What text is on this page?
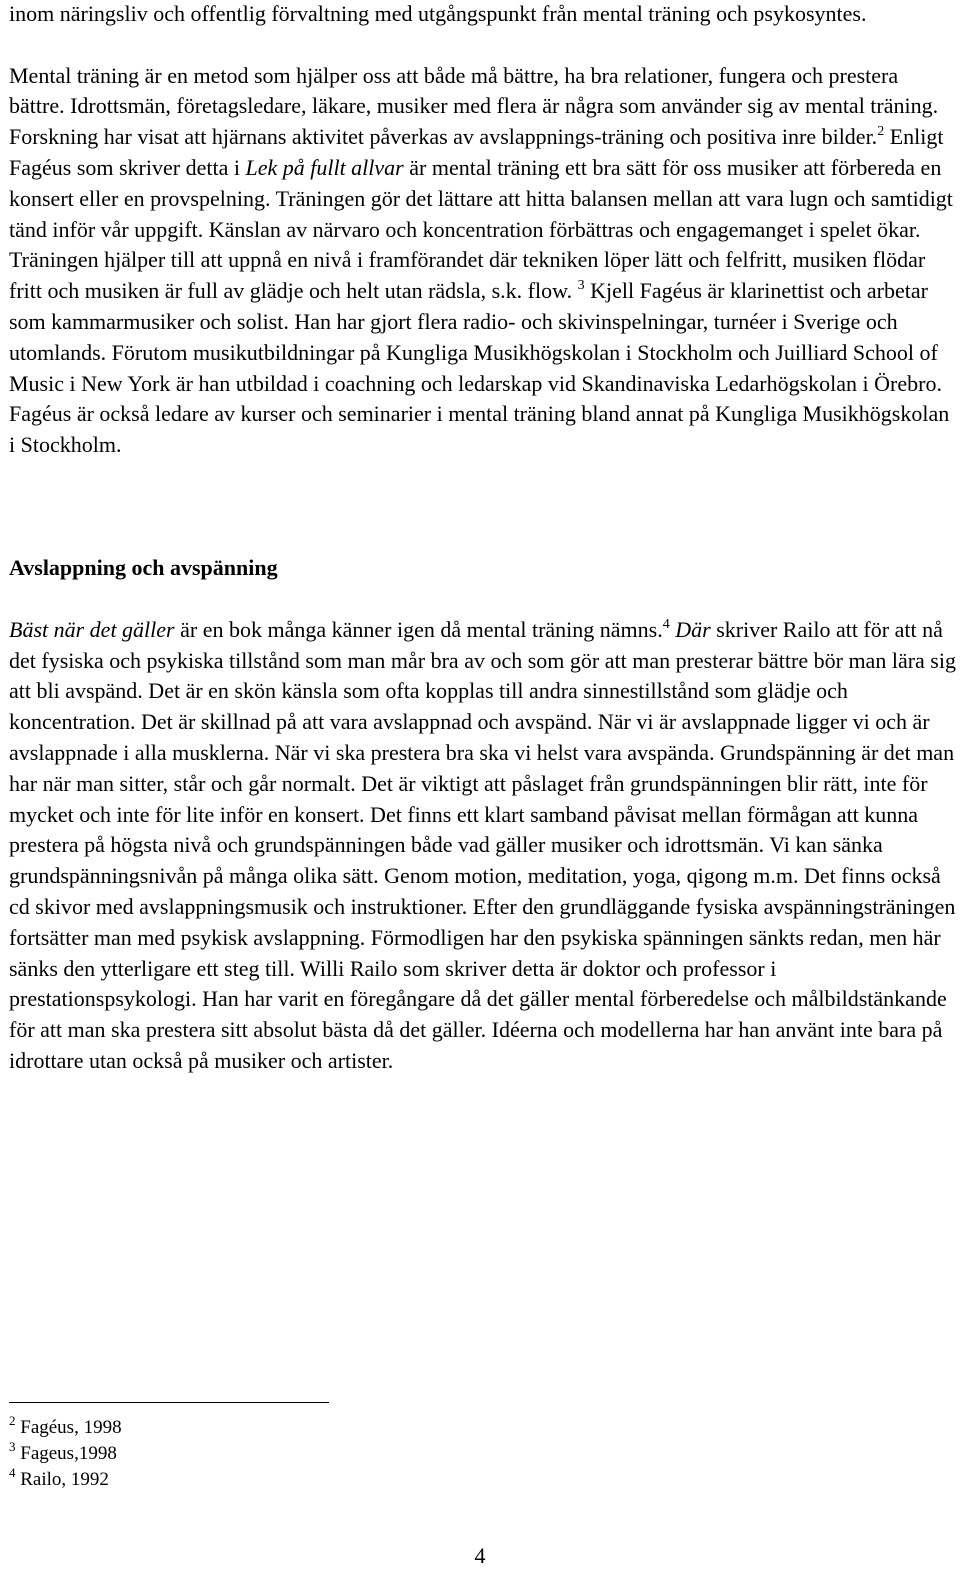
inom näringsliv och offentlig förvaltning med utgångspunkt från mental träning och psykosyntes.

Mental träning är en metod som hjälper oss att både må bättre, ha bra relationer, fungera och prestera bättre. Idrottsmän, företagsledare, läkare, musiker med flera är några som använder sig av mental träning. Forskning har visat att hjärnans aktivitet påverkas av avslappnings-träning och positiva inre bilder.$^2$ Enligt Fagéus som skriver detta i Lek på fullt allvar är mental träning ett bra sätt för oss musiker att förbereda en konsert eller en provspelning. Träningen gör det lättare att hitta balansen mellan att vara lugn och samtidigt tänd inför vår uppgift. Känslan av närvaro och koncentration förbättras och engagemanget i spelet ökar. Träningen hjälper till att uppnå en nivå i framförandet där tekniken löper lätt och felfritt, musiken flödar fritt och musiken är full av glädje och helt utan rädsla, s.k. flow. $^3$ Kjell Fagéus är klarinettist och arbetar som kammarmusiker och solist. Han har gjort flera radio- och skivinspelningar, turnéer i Sverige och utomlands. Förutom musikutbildningar på Kungliga Musikhögskolan i Stockholm och Juilliard School of Music i New York är han utbildad i coachning och ledarskap vid Skandinaviska Ledarhögskolan i Örebro. Fagéus är också ledare av kurser och seminarier i mental träning bland annat på Kungliga Musikhögskolan i Stockholm.

Avslappning och avspänning

Bäst när det gäller är en bok många känner igen då mental träning nämns.$^4$ Där skriver Railo att för att nå det fysiska och psykiska tillstånd som man mår bra av och som gör att man presterar bättre bör man lära sig att bli avspänd. Det är en skön känsla som ofta kopplas till andra sinnestillstånd som glädje och koncentration. Det är skillnad på att vara avslappnad och avspänd. När vi är avslappnade ligger vi och är avslappnade i alla musklerna. När vi ska prestera bra ska vi helst vara avspända. Grundspänning är det man har när man sitter, står och går normalt. Det är viktigt att påslaget från grundspänningen blir rätt, inte för mycket och inte för lite inför en konsert. Det finns ett klart samband påvisat mellan förmågan att kunna prestera på högsta nivå och grundspänningen både vad gäller musiker och idrottsmän. Vi kan sänka grundspänningsnivån på många olika sätt. Genom motion, meditation, yoga, qigong m.m. Det finns också cd skivor med avslappningsmusik och instruktioner. Efter den grundläggande fysiska avspänningsträningen fortsätter man med psykisk avslappning. Förmodligen har den psykiska spänningen sänkts redan, men här sänks den ytterligare ett steg till. Willi Railo som skriver detta är doktor och professor i prestationspsykologi. Han har varit en föregångare då det gäller mental förberedelse och målbildstänkande för att man ska prestera sitt absolut bästa då det gäller. Idéerna och modellerna har han använt inte bara på idrottare utan också på musiker och artister.

$^2$ Fagéus, 1998

$^3$ Fageus,1998

$^4$ Railo, 1992

4
